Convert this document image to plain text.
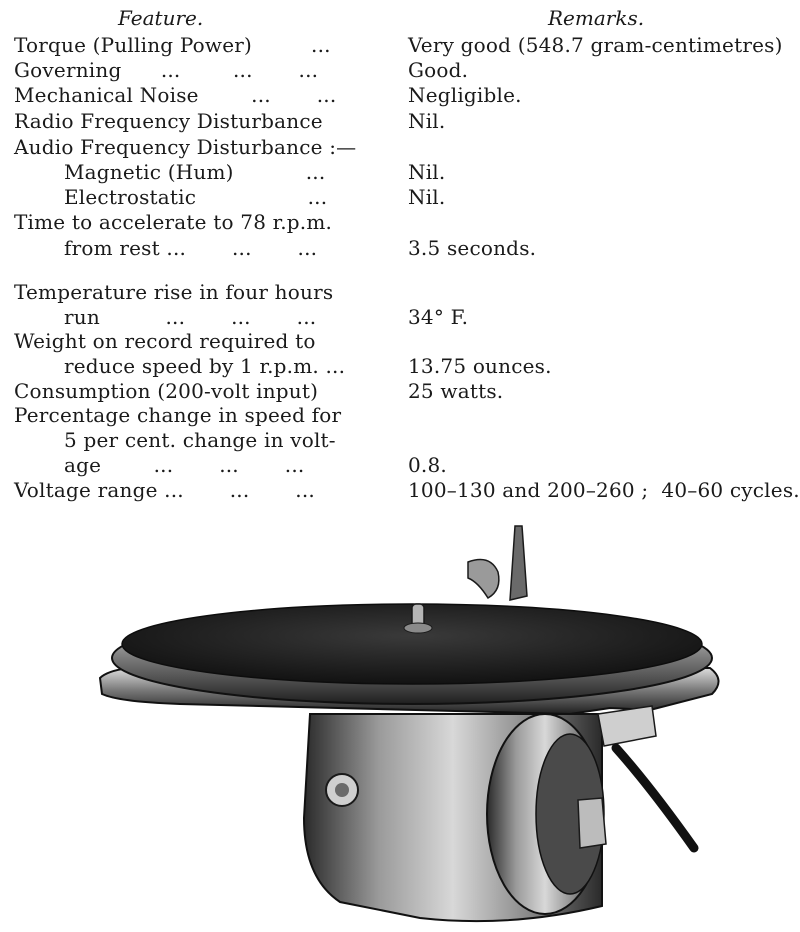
Feature.	Remarks.
Torque (Pulling Power)         ...	Very good (548.7 gram-centimetres)
Governing      ...        ...       ...	Good.
Mechanical Noise        ...       ...	Negligible.
Radio Frequency Disturbance	Nil.
Audio Frequency Disturbance :—
Magnetic (Hum)           ...	Nil.
Electrostatic                 ...	Nil.
Time to accelerate to 78 r.p.m.
from rest ...       ...       ...	3.5 seconds.
Temperature rise in four hours
run          ...       ...       ...	34° F.
Weight on record required to
reduce speed by 1 r.p.m. ...	13.75 ounces.
Consumption (200-volt input)	25 watts.
Percentage change in speed for
5 per cent. change in volt-
age        ...       ...       ...	0.8.
Voltage range ...       ...       ...	100–130 and 200–260 ;  40–60 cycles.
